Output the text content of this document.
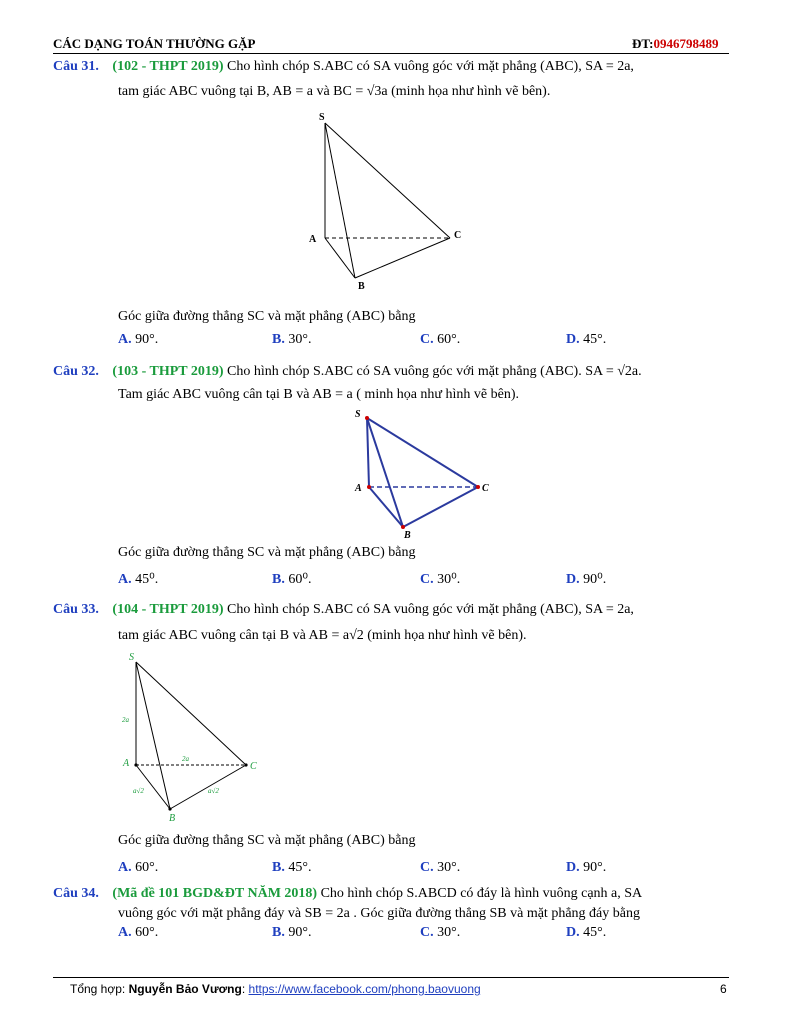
CÁC DẠNG TOÁN THƯỜNG GẶP	ĐT:0946798489
Câu 31. (102 - THPT 2019) Cho hình chóp S.ABC có SA vuông góc với mặt phẳng (ABC), SA = 2a,
tam giác ABC vuông tại B, AB = a và BC = √3a (minh họa như hình vẽ bên).
S
A
B
C
Góc giữa đường thẳng SC và mặt phẳng (ABC) bằng
A. 90°.	B. 30°.	C. 60°.	D. 45°.
Câu 32. (103 - THPT 2019) Cho hình chóp S.ABC có SA vuông góc với mặt phẳng (ABC). SA = √2a.
Tam giác ABC vuông cân tại B và AB = a ( minh họa như hình vẽ bên).
S
A
B
C
Góc giữa đường thẳng SC và mặt phẳng (ABC) bằng
A. 45⁰.	B. 60⁰.	C. 30⁰.	D. 90⁰.
Câu 33. (104 - THPT 2019) Cho hình chóp S.ABC có SA vuông góc với mặt phẳng (ABC), SA = 2a,
tam giác ABC vuông cân tại B và AB = a√2 (minh họa như hình vẽ bên).
S
A
B
C
2a
2a
a√2	a√2
Góc giữa đường thẳng SC và mặt phẳng (ABC) bằng
A. 60°.	B. 45°.	C. 30°.	D. 90°.
Câu 34. (Mã đề 101 BGD&ĐT NĂM 2018) Cho hình chóp S.ABCD có đáy là hình vuông cạnh a, SA
vuông góc với mặt phẳng đáy và SB = 2a . Góc giữa đường thẳng SB và mặt phẳng đáy bằng
A. 60°.	B. 90°.	C. 30°.	D. 45°.
Tổng hợp: Nguyễn Bảo Vương: https://www.facebook.com/phong.baovuong	6
